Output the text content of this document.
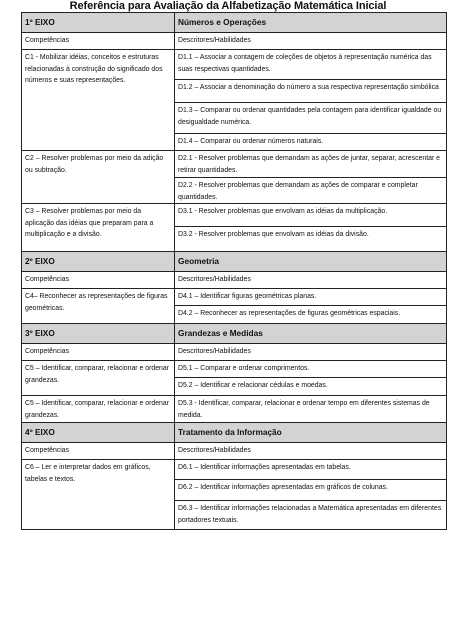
Referência para Avaliação da Alfabetização Matemática Inicial
1º EIXO	Números e Operações
Competências	Descritores/Habilidades
C1 - Mobilizar idéias, conceitos e estruturas relacionadas à construção do significado dos números e suas representações.	D1.1 – Associar a contagem de coleções de objetos à representação numérica das suas respectivas quantidades.
	D1.2 – Associar a denominação do número a sua respectiva representação simbólica
	D1.3 – Comparar ou ordenar quantidades pela contagem para identificar igualdade ou desigualdade numérica.
	D1.4 – Comparar ou ordenar números naturais.
C2 – Resolver problemas por meio da adição ou subtração.	D2.1 - Resolver problemas que demandam as ações de juntar, separar, acrescentar e retirar quantidades.
	D2.2 - Resolver problemas que demandam as ações de comparar e completar quantidades.
C3 – Resolver problemas por meio da aplicação das idéias que preparam para a multiplicação e a divisão.	D3.1 - Resolver problemas que envolvam as idéias da multiplicação.
	D3.2 - Resolver problemas que envolvam as idéias da divisão.
2º EIXO	Geometria
Competências	Descritores/Habilidades
C4– Reconhecer as representações de figuras geométricas.	D4.1 – Identificar figuras geométricas planas.
	D4.2 – Reconhecer as representações de figuras geométricas espaciais.
3º EIXO	Grandezas e Medidas
Competências	Descritores/Habilidades
C5 – Identificar, comparar, relacionar e ordenar grandezas.	D5.1 – Comparar e ordenar comprimentos.
	D5.2 – Identificar e relacionar cédulas e moedas.
C5 – Identificar, comparar, relacionar e ordenar grandezas.	D5.3 - Identificar, comparar, relacionar e ordenar tempo em diferentes sistemas de medida.
4º EIXO	Tratamento da Informação
Competências	Descritores/Habilidades
C6 – Ler e interpretar dados em gráficos, tabelas e textos.	D6.1 – Identificar informações apresentadas em tabelas.
	D6.2 – Identificar informações apresentadas em gráficos de colunas.
	D6.3 – Identificar informações relacionadas a Matemática apresentadas em diferentes portadores textuais.
